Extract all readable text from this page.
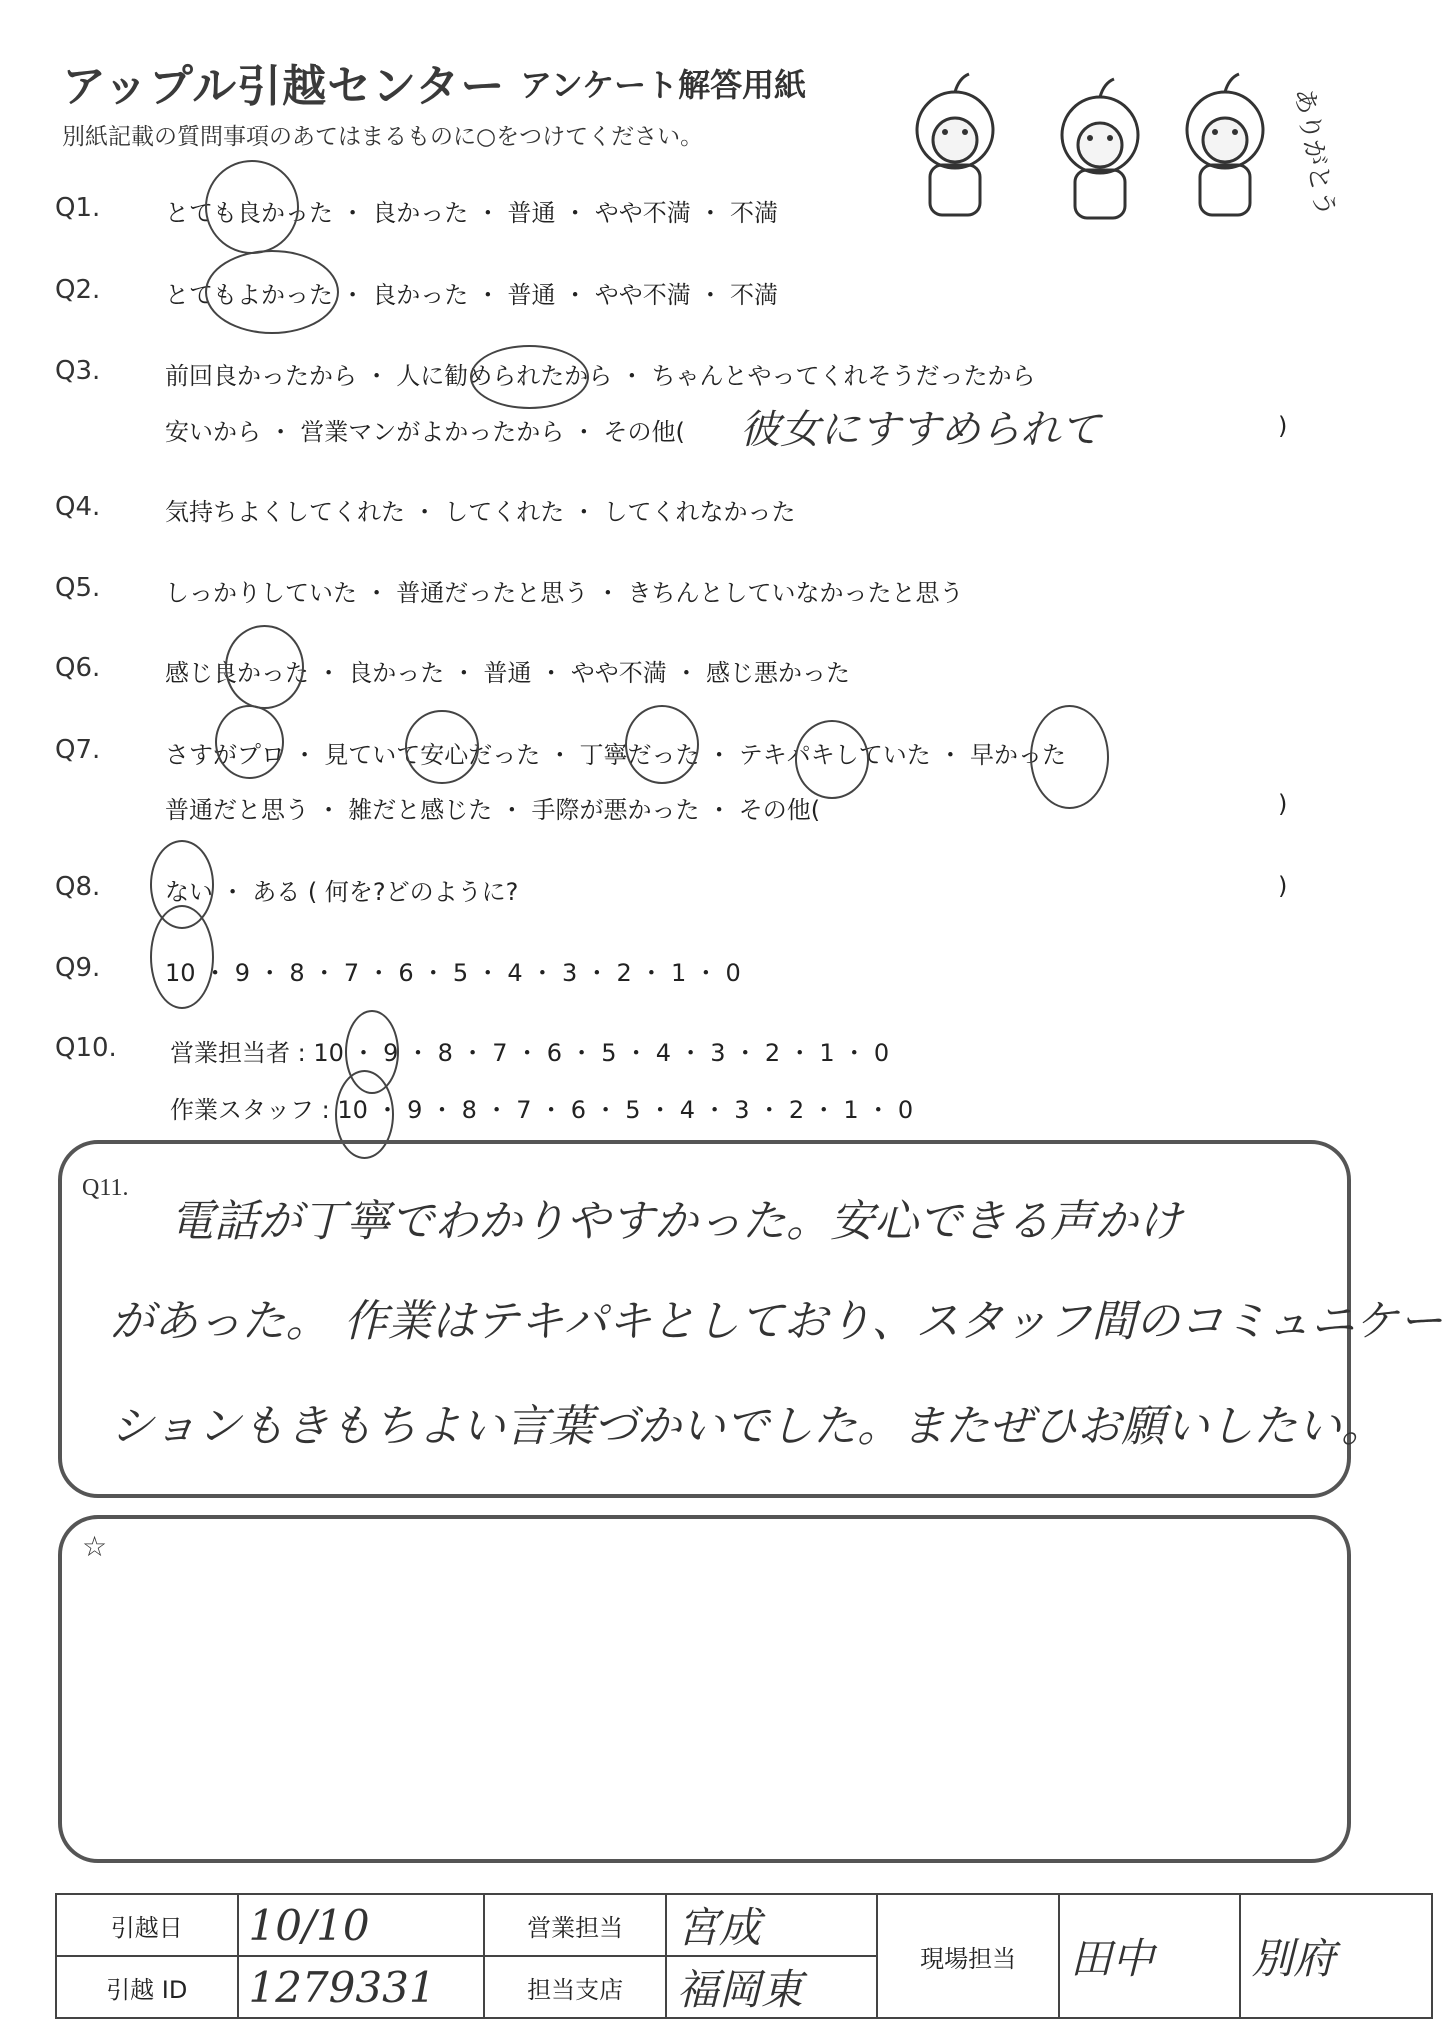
アップル引越センター アンケート解答用紙
別紙記載の質問事項のあてはまるものに○をつけてください。	ありがとう
Q1.	とても良かった ・ 良かった ・ 普通 ・ やや不満 ・ 不満
Q2.	とてもよかった ・ 良かった ・ 普通 ・ やや不満 ・ 不満
Q3.	前回良かったから ・ 人に勧められたから ・ ちゃんとやってくれそうだったから
安いから ・ 営業マンがよかったから ・ その他( 彼女にすすめられて	)
Q4.	気持ちよくしてくれた ・ してくれた ・ してくれなかった
Q5.	しっかりしていた ・ 普通だったと思う ・ きちんとしていなかったと思う
Q6.	感じ良かった ・ 良かった ・ 普通 ・ やや不満 ・ 感じ悪かった
Q7.	さすがプロ ・ 見ていて安心だった ・ 丁寧だった ・ テキパキしていた ・ 早かった
普通だと思う ・ 雑だと感じた ・ 手際が悪かった ・ その他(	)
Q8.	ない ・ ある ( 何を?どのように?	)
Q9.	10 ・ 9 ・ 8 ・ 7 ・ 6 ・ 5 ・ 4 ・ 3 ・ 2 ・ 1 ・ 0
Q10. 営業担当者 : 10 ・ 9 ・ 8 ・ 7 ・ 6 ・ 5 ・ 4 ・ 3 ・ 2 ・ 1 ・ 0
作業スタッフ : 10 ・ 9 ・ 8 ・ 7 ・ 6 ・ 5 ・ 4 ・ 3 ・ 2 ・ 1 ・ 0
Q11.
電話が丁寧でわかりやすかった。安心できる声かけ
があった。 作業はテキパキとしており、スタッフ間のコミュニケー
ションもきもちよい言葉づかいでした。またぜひお願いしたい。
☆
引越日	10/10	営業担当	宮成	現場担当	田中	別府
引越 ID	1279331	担当支店	福岡東			
